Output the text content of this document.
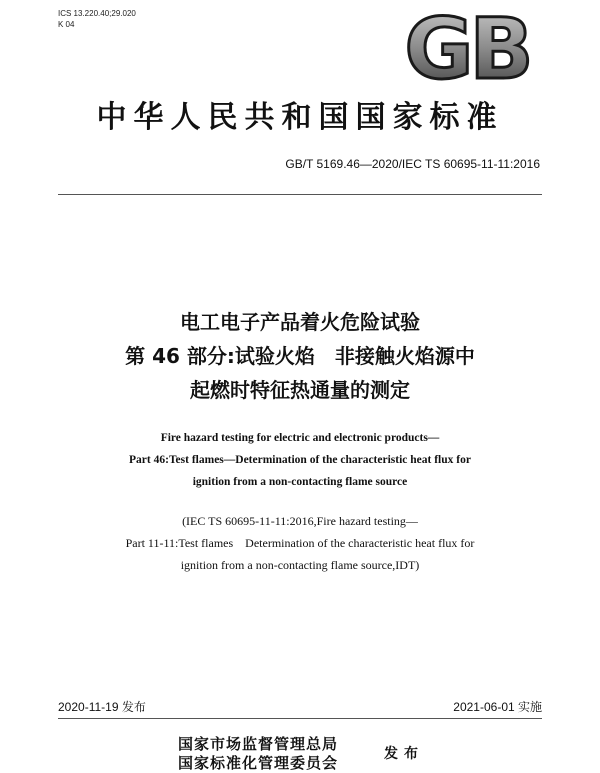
ICS 13.220.40;29.020
K 04	GB
中华人民共和国国家标准
GB/T 5169.46—2020/IEC TS 60695-11-11:2016
电工电子产品着火危险试验
第 46 部分:试验火焰　非接触火焰源中
起燃时特征热通量的测定
Fire hazard testing for electric and electronic products—
Part 46:Test flames—Determination of the characteristic heat flux for
ignition from a non-contacting flame source
(IEC TS 60695-11-11:2016,Fire hazard testing—
Part 11-11:Test flames　Determination of the characteristic heat flux for
ignition from a non-contacting flame source,IDT)
2020-11-19 发布	2021-06-01 实施
国家市场监督管理总局
国家标准化管理委员会	发布
